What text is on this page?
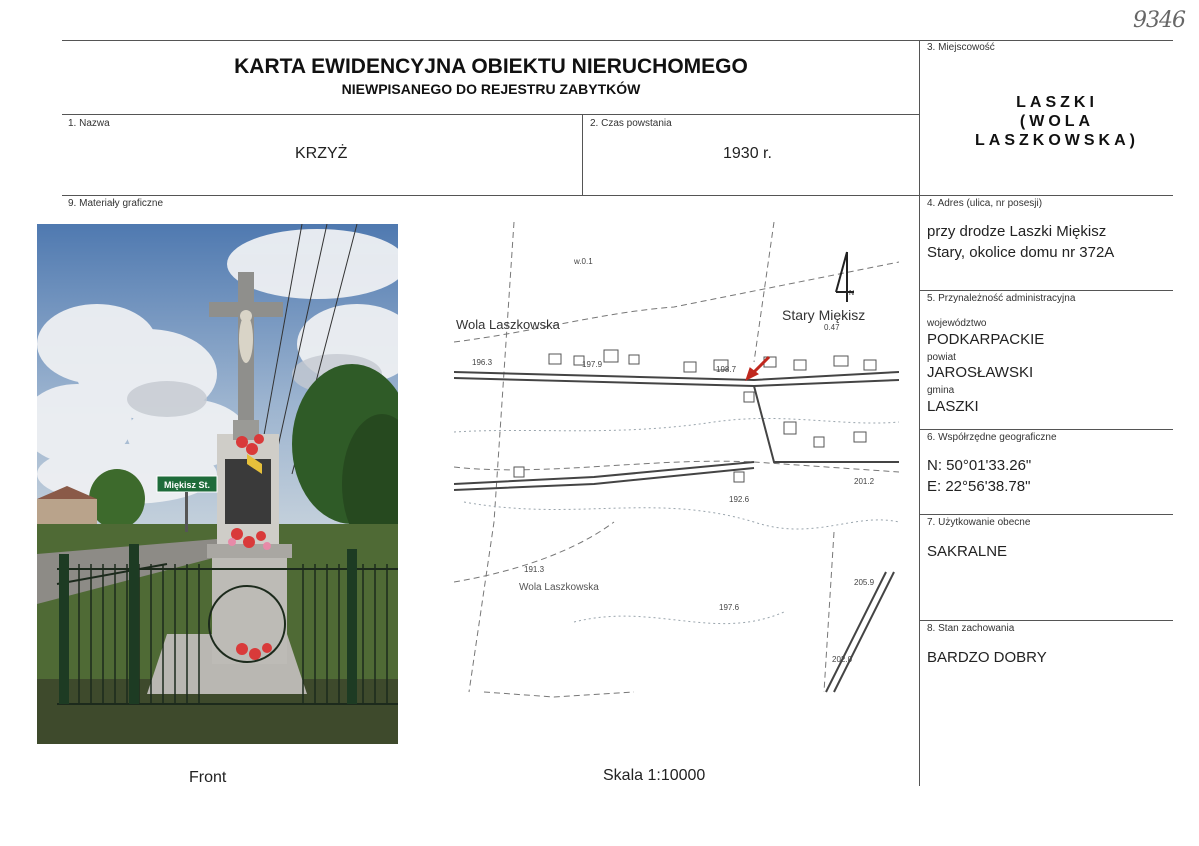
9346
KARTA EWIDENCYJNA OBIEKTU NIERUCHOMEGO
NIEWPISANEGO DO REJESTRU ZABYTKÓW
1. Nazwa
KRZYŻ
2. Czas powstania
1930 r.
3. Miejscowość
LASZKI
(WOLA
LASZKOWSKA)
4. Adres (ulica, nr posesji)
przy drodze Laszki Miękisz
Stary, okolice domu nr 372A
5. Przynależność administracyjna
województwo
PODKARPACKIE
powiat
JAROSŁAWSKI
gmina
LASZKI
6. Współrzędne geograficzne
N: 50°01'33.26"
E: 22°56'38.78"
7. Użytkowanie obecne
SAKRALNE
8. Stan zachowania
BARDZO DOBRY
9. Materiały graficzne
Miękisz St.
Front
N
Wola Laszkowska
Stary Miękisz
Wola Laszkowska
196.3	197.9
198.7
192.6
191.3
197.6
205.9
202.0
201.2
0.47
w.0.1
Skala 1:10000
